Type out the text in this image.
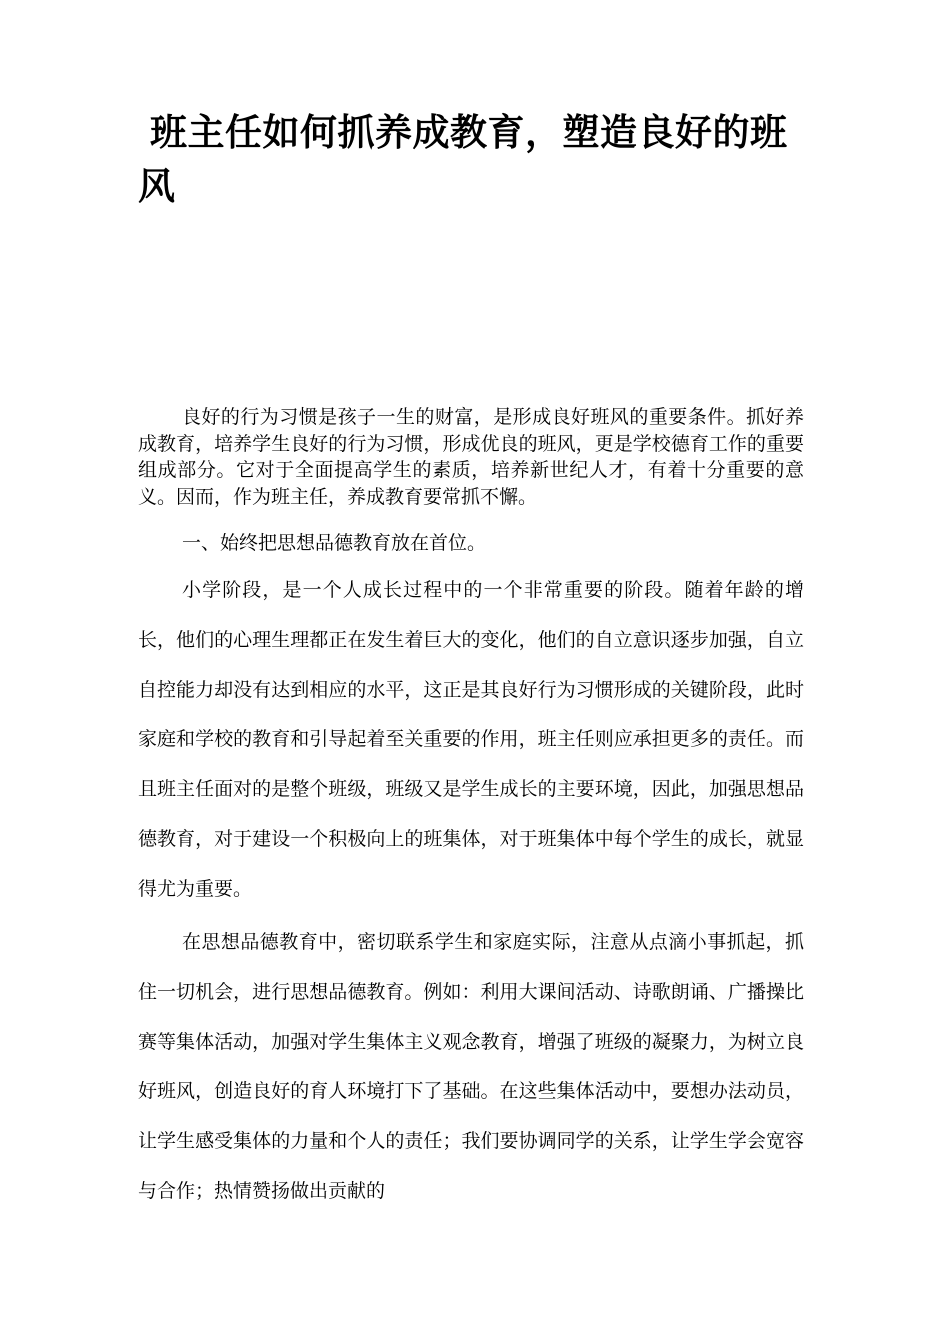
班主任如何抓养成教育，塑造良好的班风

良好的行为习惯是孩子一生的财富，是形成良好班风的重要条件。抓好养成教育，培养学生良好的行为习惯，形成优良的班风，更是学校德育工作的重要组成部分。它对于全面提高学生的素质，培养新世纪人才，有着十分重要的意义。因而，作为班主任，养成教育要常抓不懈。

一、始终把思想品德教育放在首位。

小学阶段，是一个人成长过程中的一个非常重要的阶段。随着年龄的增长，他们的心理生理都正在发生着巨大的变化，他们的自立意识逐步加强，自立自控能力却没有达到相应的水平，这正是其良好行为习惯形成的关键阶段，此时家庭和学校的教育和引导起着至关重要的作用，班主任则应承担更多的责任。而且班主任面对的是整个班级，班级又是学生成长的主要环境，因此，加强思想品德教育，对于建设一个积极向上的班集体，对于班集体中每个学生的成长，就显得尤为重要。

在思想品德教育中，密切联系学生和家庭实际，注意从点滴小事抓起，抓住一切机会，进行思想品德教育。例如：利用大课间活动、诗歌朗诵、广播操比赛等集体活动，加强对学生集体主义观念教育，增强了班级的凝聚力，为树立良好班风，创造良好的育人环境打下了基础。在这些集体活动中，要想办法动员，让学生感受集体的力量和个人的责任；我们要协调同学的关系，让学生学会宽容与合作；热情赞扬做出贡献的
